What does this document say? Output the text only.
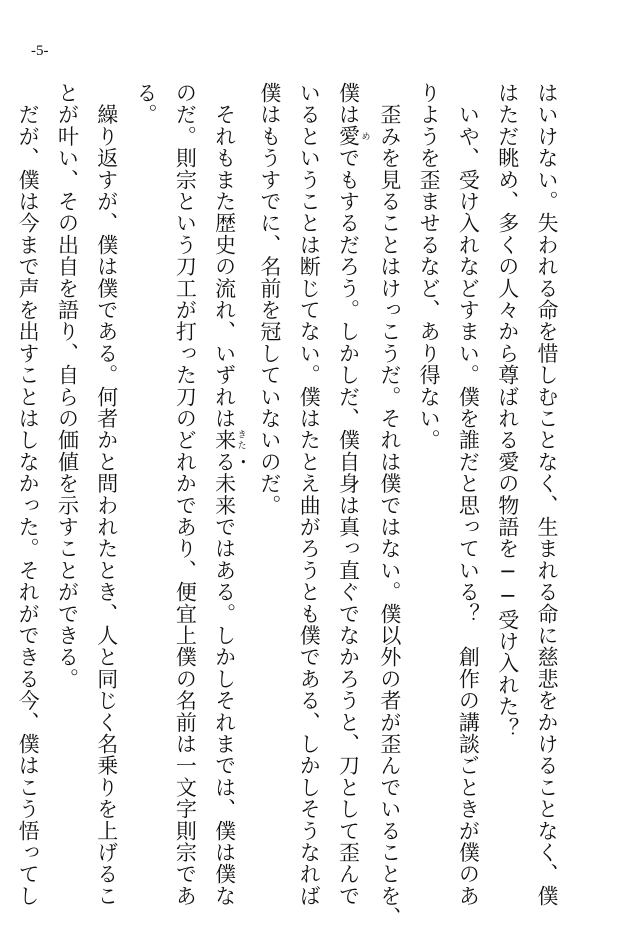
-5-
はいけない。失われる命を惜しむことなく、生まれる命に慈悲をかけることなく、僕
はただ眺め、多くの人々から尊ばれる愛の物語を──受け入れた？
　いや、受け入れなどすまい。僕を誰だと思っている？　創作の講談ごときが僕のあ
りようを歪ませるなど、あり得ない。
　歪みを見ることはけっこうだ。それは僕ではない。僕以外の者が歪んでいることを、
僕は愛 めでもするだろう。しかしだ、僕自身は真っ直ぐでなかろうと、刀として歪んで
いるということは断じてない。僕はたとえ曲がろうとも僕である、しかしそうなれば
僕はもうすでに、名前を冠していないのだ。
　それもまた歴史の流れ、いずれは来 きたる未来ではある。しかしそれまでは、僕は僕な
のだ。則宗という刀工が打った刀のどれかであり、便宜上僕の名前は一文字則宗であ
る。
　繰り返すが、僕は僕である。何者かと問われたとき、人と同じく名乗りを上げるこ
とが叶い、その出自を語り、自らの価値を示すことができる。
　だが、僕は今まで声を出すことはしなかった。それができる今、僕はこう悟ってし
